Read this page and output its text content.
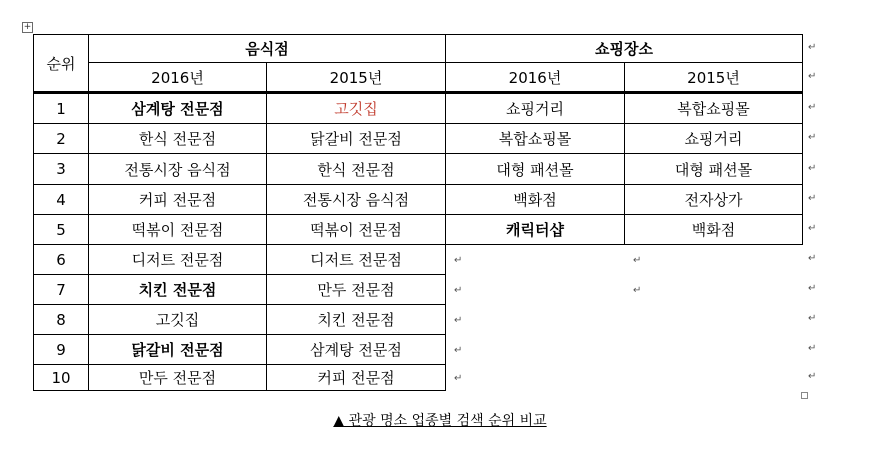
+
순위
음식점	쇼핑장소
2016년	2015년	2016년	2015년
1	삼계탕 전문점	고깃집	쇼핑거리	복합쇼핑몰
2	한식 전문점	닭갈비 전문점	복합쇼핑몰	쇼핑거리
3	전통시장 음식점	한식 전문점	대형 패션몰	대형 패션몰
4	커피 전문점	전통시장 음식점	백화점	전자상가
5	떡볶이 전문점	떡볶이 전문점	캐릭터샵	백화점
6	디저트 전문점	디저트 전문점
7	치킨 전문점	만두 전문점
8	고깃집	치킨 전문점
9	닭갈비 전문점	삼계탕 전문점
10	만두 전문점	커피 전문점
↵
↵
↵
↵
↵
↵
↵
↵
↵
↵
↵
↵
↵	↵
↵	↵
↵
↵
↵
▲ 관광 명소 업종별 검색 순위 비교
